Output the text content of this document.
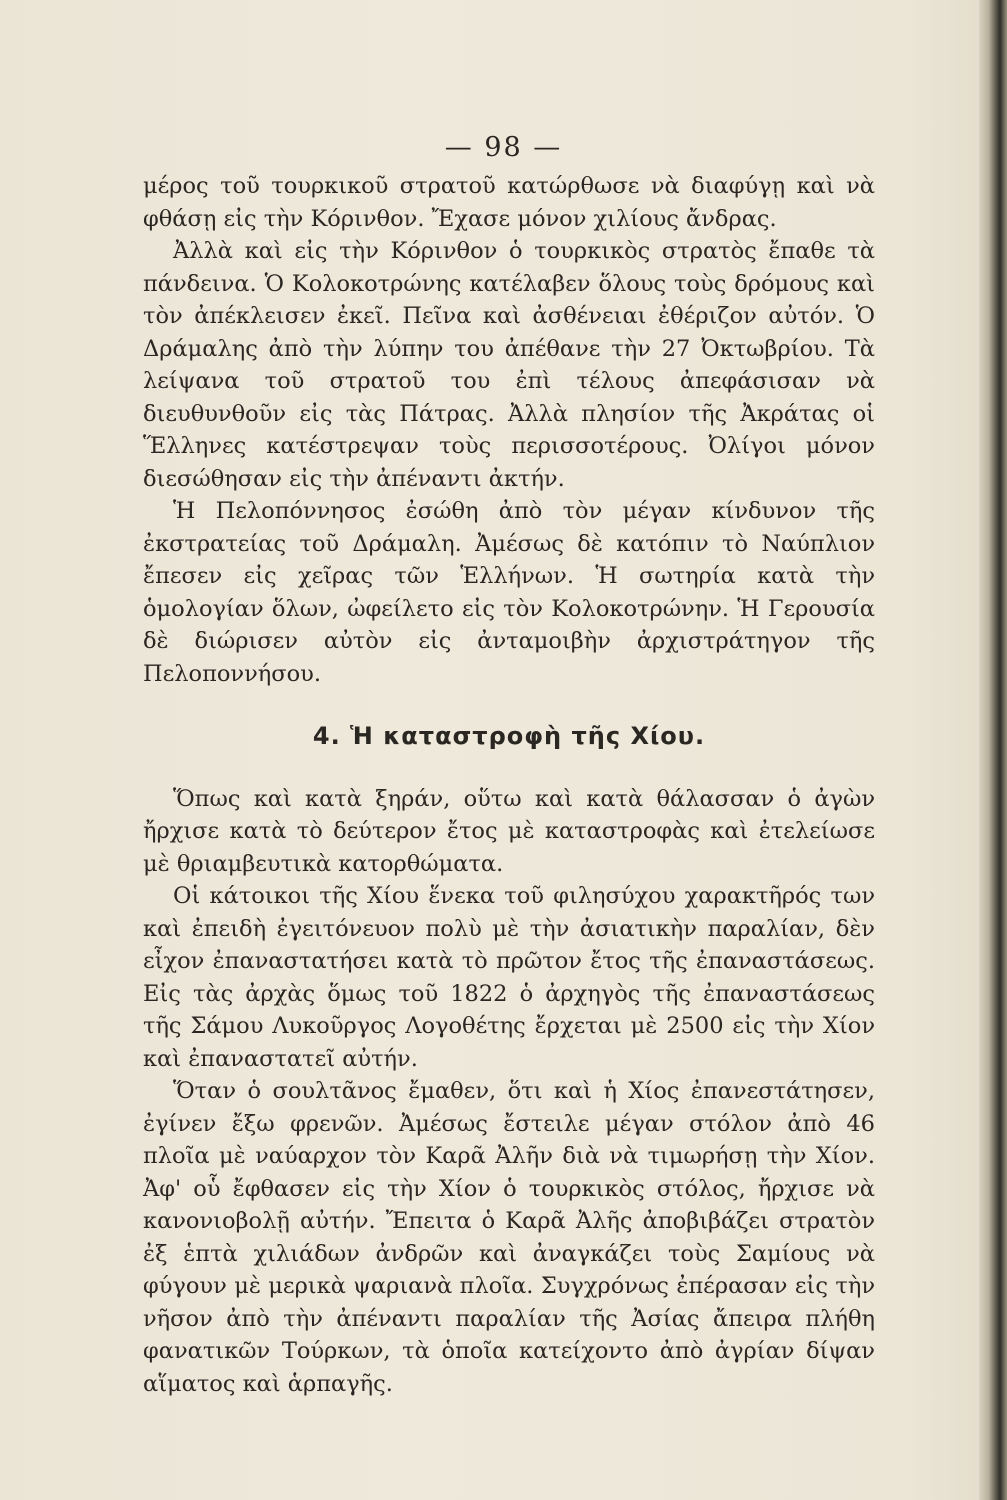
— 98 —

μέρος τοῦ τουρκικοῦ στρατοῦ κατώρθωσε νὰ διαφύγῃ καὶ νὰ φθάσῃ εἰς τὴν Κόρινθον. Ἔχασε μόνον χιλίους ἄνδρας.

Ἀλλὰ καὶ εἰς τὴν Κόρινθον ὁ τουρκικὸς στρατὸς ἔπαθε τὰ πάνδεινα. Ὁ Κολοκοτρώνης κατέλαβεν ὅλους τοὺς δρόμους καὶ τὸν ἀπέκλεισεν ἐκεῖ. Πεῖνα καὶ ἀσθένειαι ἐθέριζον αὐτόν. Ὁ Δράμαλης ἀπὸ τὴν λύπην του ἀπέθανε τὴν 27 Ὀκτωβρίου. Τὰ λείψανα τοῦ στρατοῦ του ἐπὶ τέλους ἀπεφάσισαν νὰ διευθυνθοῦν εἰς τὰς Πάτρας. Ἀλλὰ πλησίον τῆς Ἀκράτας οἱ Ἕλληνες κατέστρεψαν τοὺς περισσοτέρους. Ὀλίγοι μόνον διεσώθησαν εἰς τὴν ἀπέναντι ἀκτήν.

Ἡ Πελοπόννησος ἐσώθη ἀπὸ τὸν μέγαν κίνδυνον τῆς ἐκστρατείας τοῦ Δράμαλη. Ἀμέσως δὲ κατόπιν τὸ Ναύπλιον ἔπεσεν εἰς χεῖρας τῶν Ἑλλήνων. Ἡ σωτηρία κατὰ τὴν ὁμολογίαν ὅλων, ὠφείλετο εἰς τὸν Κολοκοτρώνην. Ἡ Γερουσία δὲ διώρισεν αὐτὸν εἰς ἀνταμοιβὴν ἀρχιστράτηγον τῆς Πελοποννήσου.

4. Ἡ καταστροφὴ τῆς Χίου.

Ὅπως καὶ κατὰ ξηράν, οὕτω καὶ κατὰ θάλασσαν ὁ ἀγὼν ἤρχισε κατὰ τὸ δεύτερον ἔτος μὲ καταστροφὰς καὶ ἐτελείωσε μὲ θριαμβευτικὰ κατορθώματα.

Οἱ κάτοικοι τῆς Χίου ἕνεκα τοῦ φιλησύχου χαρακτῆρός των καὶ ἐπειδὴ ἐγειτόνευον πολὺ μὲ τὴν ἀσιατικὴν παραλίαν, δὲν εἶχον ἐπαναστατήσει κατὰ τὸ πρῶτον ἔτος τῆς ἐπαναστάσεως. Εἰς τὰς ἀρχὰς ὅμως τοῦ 1822 ὁ ἀρχηγὸς τῆς ἐπαναστάσεως τῆς Σάμου Λυκοῦργος Λογοθέτης ἔρχεται μὲ 2500 εἰς τὴν Χίον καὶ ἐπαναστατεῖ αὐτήν.

Ὅταν ὁ σουλτᾶνος ἔμαθεν, ὅτι καὶ ἡ Χίος ἐπανεστάτησεν, ἐγίνεν ἔξω φρενῶν. Ἀμέσως ἔστειλε μέγαν στόλον ἀπὸ 46 πλοῖα μὲ ναύαρχον τὸν Καρᾶ Ἀλῆν διὰ νὰ τιμωρήσῃ τὴν Χίον. Ἀφ' οὗ ἔφθασεν εἰς τὴν Χίον ὁ τουρκικὸς στόλος, ἤρχισε νὰ κανονιοβολῇ αὐτήν. Ἔπειτα ὁ Καρᾶ Ἀλῆς ἀποβιβάζει στρατὸν ἐξ ἑπτὰ χιλιάδων ἀνδρῶν καὶ ἀναγκάζει τοὺς Σαμίους νὰ φύγουν μὲ μερικὰ ψαριανὰ πλοῖα. Συγχρόνως ἐπέρασαν εἰς τὴν νῆσον ἀπὸ τὴν ἀπέναντι παραλίαν τῆς Ἀσίας ἄπειρα πλήθη φανατικῶν Τούρκων, τὰ ὁποῖα κατείχοντο ἀπὸ ἀγρίαν δίψαν αἵματος καὶ ἁρπαγῆς.
